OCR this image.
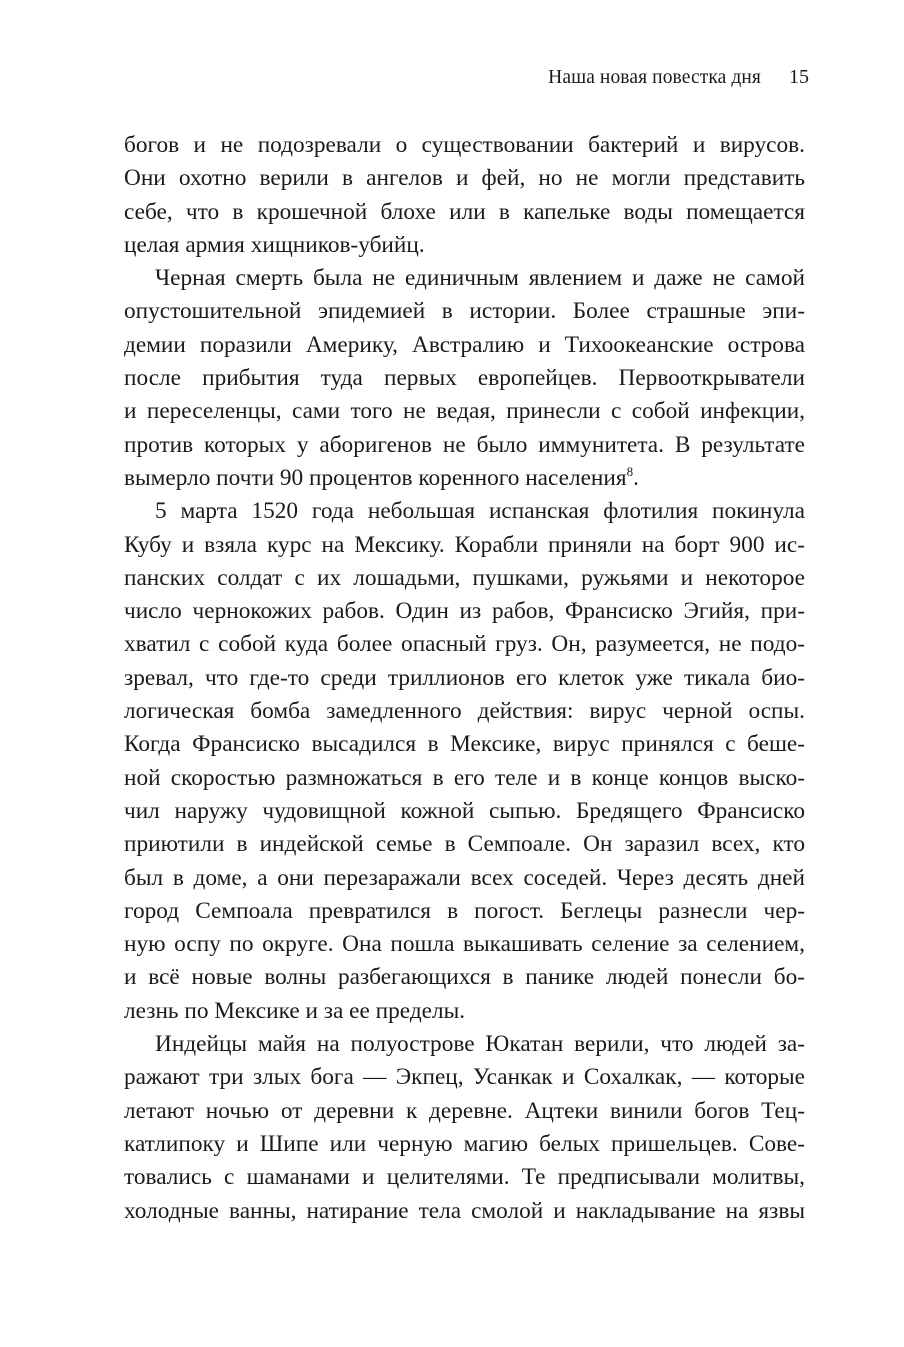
Наша новая повестка дня 15
богов и не подозревали о существовании бактерий и вирусов.
Они охотно верили в ангелов и фей, но не могли представить
себе, что в крошечной блохе или в капельке воды помещается
целая армия хищников-убийц.
Черная смерть была не единичным явлением и даже не самой
опустошительной эпидемией в истории. Более страшные эпи-
демии поразили Америку, Австралию и Тихоокеанские острова
после прибытия туда первых европейцев. Первооткрыватели
и переселенцы, сами того не ведая, принесли с собой инфекции,
против которых у аборигенов не было иммунитета. В результате
вымерло почти 90 процентов коренного населения$^8$.
5 марта 1520 года небольшая испанская флотилия покинула
Кубу и взяла курс на Мексику. Корабли приняли на борт 900 ис-
панских солдат с их лошадьми, пушками, ружьями и некоторое
число чернокожих рабов. Один из рабов, Франсиско Эгийя, при-
хватил с собой куда более опасный груз. Он, разумеется, не подо-
зревал, что где-то среди триллионов его клеток уже тикала био-
логическая бомба замедленного действия: вирус черной оспы.
Когда Франсиско высадился в Мексике, вирус принялся с беше-
ной скоростью размножаться в его теле и в конце концов выско-
чил наружу чудовищной кожной сыпью. Бредящего Франсиско
приютили в индейской семье в Семпоале. Он заразил всех, кто
был в доме, а они перезаражали всех соседей. Через десять дней
город Семпоала превратился в погост. Беглецы разнесли чер-
ную оспу по округе. Она пошла выкашивать селение за селением,
и всё новые волны разбегающихся в панике людей понесли бо-
лезнь по Мексике и за ее пределы.
Индейцы майя на полуострове Юкатан верили, что людей за-
ражают три злых бога — Экпец, Усанкак и Сохалкак, — которые
летают ночью от деревни к деревне. Ацтеки винили богов Тец-
катлипоку и Шипе или черную магию белых пришельцев. Сове-
товались с шаманами и целителями. Те предписывали молитвы,
холодные ванны, натирание тела смолой и накладывание на язвы
